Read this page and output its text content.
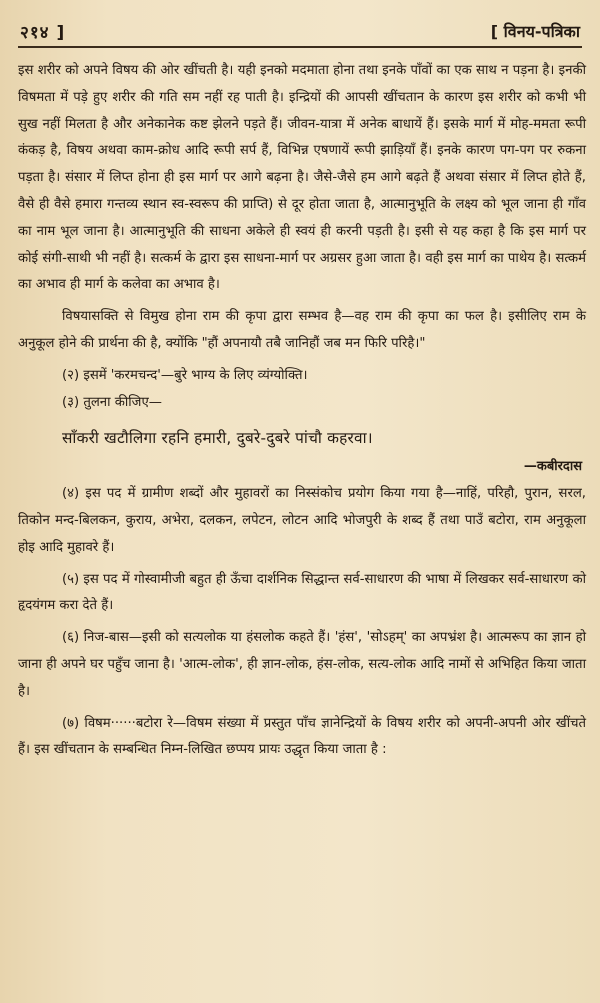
२१४ ]	[ विनय-पत्रिका

इस शरीर को अपने विषय की ओर खींचती है। यही इनको मदमाता होना तथा इनके पाँवों का एक साथ न पड़ना है। इनकी विषमता में पड़े हुए शरीर की गति सम नहीं रह पाती है। इन्द्रियों की आपसी खींचतान के कारण इस शरीर को कभी भी सुख नहीं मिलता है और अनेकानेक कष्ट झेलने पड़ते हैं। जीवन-यात्रा में अनेक बाधायें हैं। इसके मार्ग में मोह-ममता रूपी कंकड़ है, विषय अथवा काम-क्रोध आदि रूपी सर्प हैं, विभिन्न एषणायें रूपी झाड़ियाँ हैं। इनके कारण पग-पग पर रुकना पड़ता है। संसार में लिप्त होना ही इस मार्ग पर आगे बढ़ना है। जैसे-जैसे हम आगे बढ़ते हैं अथवा संसार में लिप्त होते हैं, वैसे ही वैसे हमारा गन्तव्य स्थान स्व-स्वरूप की प्राप्ति) से दूर होता जाता है, आत्मानुभूति के लक्ष्य को भूल जाना ही गाँव का नाम भूल जाना है। आत्मानुभूति की साधना अकेले ही स्वयं ही करनी पड़ती है। इसी से यह कहा है कि इस मार्ग पर कोई संगी-साथी भी नहीं है। सत्कर्म के द्वारा इस साधना-मार्ग पर अग्रसर हुआ जाता है। वही इस मार्ग का पाथेय है। सत्कर्म का अभाव ही मार्ग के कलेवा का अभाव है।

विषयासक्ति से विमुख होना राम की कृपा द्वारा सम्भव है—वह राम की कृपा का फल है। इसीलिए राम के अनुकूल होने की प्रार्थना की है, क्योंकि "हौं अपनायौ तबै जानिहौं जब मन फिरि परिहै।"

(२) इसमें 'करमचन्द'—बुरे भाग्य के लिए व्यंग्योक्ति।

(३) तुलना कीजिए—

साँकरी खटौलिगा रहनि हमारी, दुबरे-दुबरे पांचौ कहरवा।

—कबीरदास

(४) इस पद में ग्रामीण शब्दों और मुहावरों का निस्संकोच प्रयोग किया गया है—नाहिं, परिहौ, पुरान, सरल, तिकोन मन्द-बिलकन, कुराय, अभेरा, दलकन, लपेटन, लोटन आदि भोजपुरी के शब्द हैं तथा पाउँ बटोरा, राम अनुकूला होइ आदि मुहावरे हैं।

(५) इस पद में गोस्वामीजी बहुत ही ऊँचा दार्शनिक सिद्धान्त सर्व-साधारण की भाषा में लिखकर सर्व-साधारण को हृदयंगम करा देते हैं।

(६) निज-बास—इसी को सत्यलोक या हंसलोक कहते हैं। 'हंस', 'सोऽहम्' का अपभ्रंश है। आत्मरूप का ज्ञान हो जाना ही अपने घर पहुँच जाना है। 'आत्म-लोक', ही ज्ञान-लोक, हंस-लोक, सत्य-लोक आदि नामों से अभिहित किया जाता है।

(७) विषम······बटोरा रे—विषम संख्या में प्रस्तुत पाँच ज्ञानेन्द्रियों के विषय शरीर को अपनी-अपनी ओर खींचते हैं। इस खींचतान के सम्बन्धित निम्न-लिखित छप्पय प्रायः उद्धृत किया जाता है :
